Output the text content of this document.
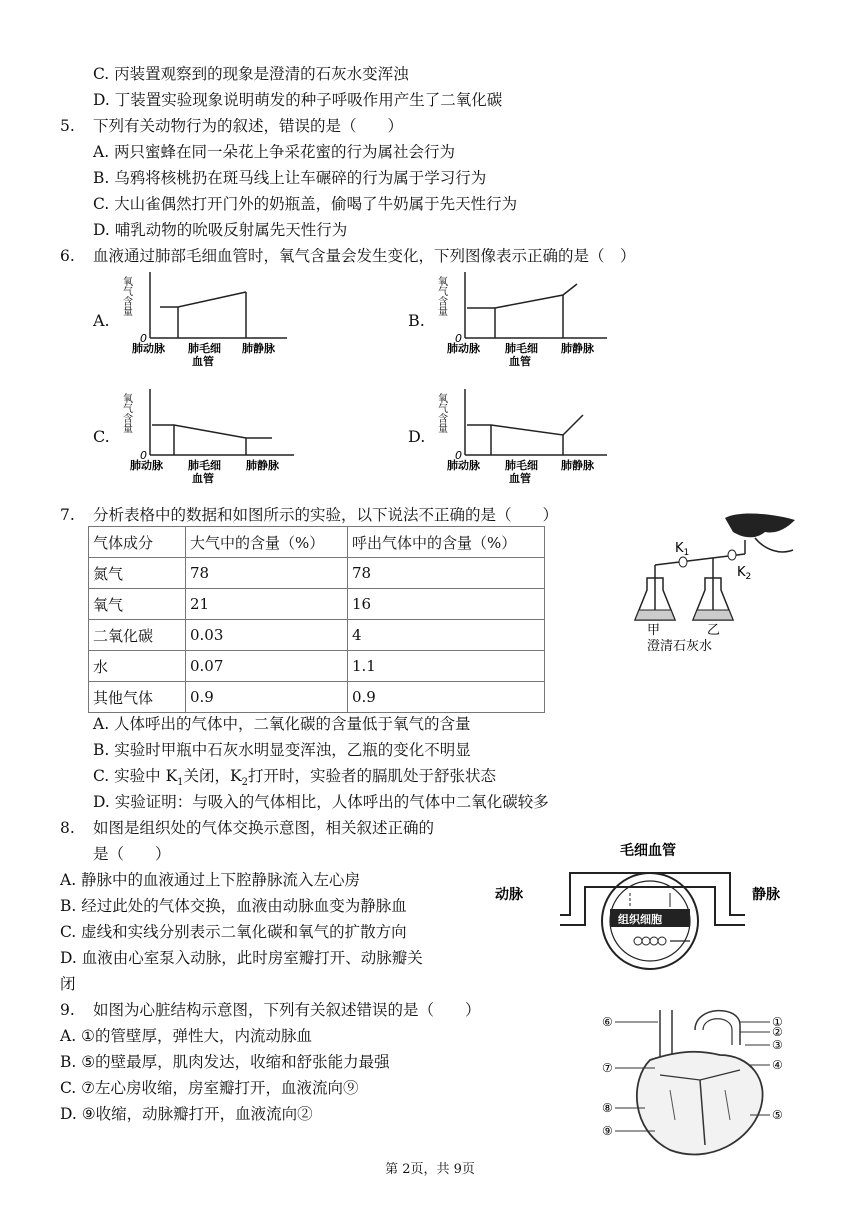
C. 丙装置观察到的现象是澄清的石灰水变浑浊
D. 丁装置实验现象说明萌发的种子呼吸作用产生了二氧化碳
5. 下列有关动物行为的叙述，错误的是（　　）
A. 两只蜜蜂在同一朵花上争采花蜜的行为属社会行为
B. 乌鸦将核桃扔在斑马线上让车碾碎的行为属于学习行为
C. 大山雀偶然打开门外的奶瓶盖，偷喝了牛奶属于先天性行为
D. 哺乳动物的吮吸反射属先天性行为
6. 血液通过肺部毛细血管时，氧气含量会发生变化，下列图像表示正确的是（　）
A.	B.
C.	D.
氧气含量
0
肺动脉 肺毛细
血管
肺静脉
氧气含量
0
肺动脉 肺毛细
血管
肺静脉
氧气含量
0
肺动脉 肺毛细
血管
肺静脉
氧气含量
0
肺动脉 肺毛细
血管
肺静脉
7. 分析表格中的数据和如图所示的实验，以下说法不正确的是（　　）
气体成分	大气中的含量（%）	呼出气体中的含量（%）
氮气	78	78
氧气	21	16
二氧化碳	0.03	4
水	0.07	1.1
其他气体	0.9	0.9
$K_1$
$K_2$
甲	乙
澄清石灰水
A. 人体呼出的气体中，二氧化碳的含量低于氧气的含量
B. 实验时甲瓶中石灰水明显变浑浊，乙瓶的变化不明显
C. 实验中 $K_1$关闭，$K_2$打开时，实验者的膈肌处于舒张状态
D. 实验证明：与吸入的气体相比，人体呼出的气体中二氧化碳较多
8. 如图是组织处的气体交换示意图，相关叙述正确的
是（　　）
A. 静脉中的血液通过上下腔静脉流入左心房
B. 经过此处的气体交换，血液由动脉血变为静脉血
C. 虚线和实线分别表示二氧化碳和氧气的扩散方向
D. 血液由心室泵入动脉，此时房室瓣打开、动脉瓣关
闭
毛细血管
动脉	静脉
组织细胞
9. 如图为心脏结构示意图，下列有关叙述错误的是（　　）
A. ①的管壁厚，弹性大，内流动脉血
B. ⑤的壁最厚，肌肉发达，收缩和舒张能力最强
C. ⑦左心房收缩，房室瓣打开，血液流向⑨
D. ⑨收缩，动脉瓣打开，血液流向②
⑥
⑦
⑧
⑨
①
②
③
④
⑤
第 2页，共 9页
